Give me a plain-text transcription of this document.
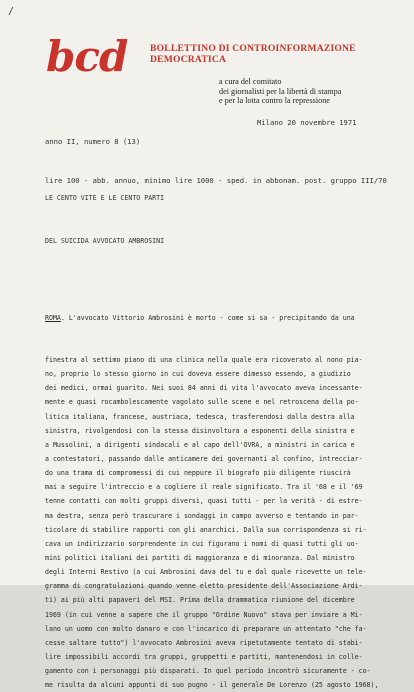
/
bcd BOLLETTINO DI CONTROINFORMAZIONE DEMOCRATICA
a cura del comitato
dei giornalisti per la libertà di stampa
e per la lotta contro la repressione

anno II, numero 8 (13)

Milano 20 novembre 1971

lire 100 - abb. annuo, minimo lire 1000 - sped. in abbonam. post. gruppo III/70

LE CENTO VITE E LE CENTO PARTI

DEL SUICIDA AVVOCATO AMBROSINI

ROMA. L'avvocato Vittorio Ambrosini è morto - come si sa - precipitando da una

finestra al settimo piano di una clinica nella quale era ricoverato al nono pia-
no, proprio lo stesso giorno in cui doveva essere dimesso essendo, a giudizio
dei medici, ormai guarito. Nei suoi 84 anni di vita l'avvocato aveva incessante-
mente e quasi rocambolescamente vagolato sulle scene e nel retroscena della po-
litica italiana, francese, austriaca, tedesca, trasferendosi dalla destra alla
sinistra, rivolgendosi con la stessa disinvoltura a esponenti della sinistra e
a Mussolini, a dirigenti sindacali e al capo dell'OVRA, a ministri in carica e
a contestatori, passando dalle anticamere dei governanti al confino, intrecciar-
do una trama di compromessi di cui neppure il biografo più diligente riuscirà
mai a seguire l'intreccio e a cogliere il reale significato. Tra il '68 e il '69
tenne contatti con molti gruppi diversi, quasi tutti - per la verità - di estre-
ma destra, senza però trascurare i sondaggi in campo avverso e tentando in par-
ticolare di stabilire rapporti con gli anarchici. Dalla sua corrispondenza si ri-
cava un indirizzario sorprendente in cui figurano i nomi di quasi tutti gli uo-
mini politici italiani dei partiti di maggioranza e di minoranza. Dal ministro
degli Interni Restivo (a cui Ambrosini dava del tu e dal quale ricevette un tele-
gramma di congratulazioni quando venne eletto presidente dell'Associazione Ardi-
ti) ai più alti papaveri del MSI. Prima della drammatica riunione del dicembre
1969 (in cui venne a sapere che il gruppo "Ordine Nuovo" stava per inviare a Mi-
lano un uomo con molto danaro e con l'incarico di preparare un attentato "che fa-
cesse saltare tutto") l'avvocato Ambrosini aveva ripetutamente tentato di stabi-
lire impossibili accordi tra gruppi, gruppetti e partiti, mantenendosi in colle-
gamento con i personaggi più disparati. In quel periodo incontrò sicuramente - co-
me risulta da alcuni appunti di suo pugno - il generale De Lorenzo (25 agosto 1968),
